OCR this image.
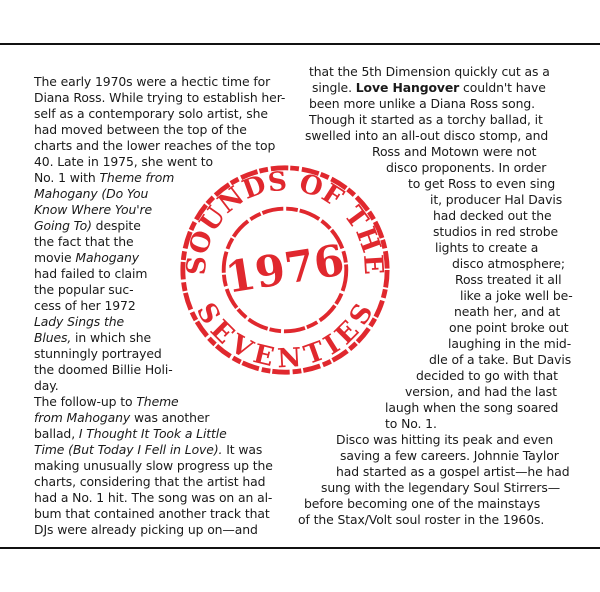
The early 1970s were a hectic time for
Diana Ross. While trying to establish her-
self as a contemporary solo artist, she
had moved between the top of the
charts and the lower reaches of the top
40. Late in 1975, she went to
No. 1 with Theme from
Mahogany (Do You
Know Where You're
Going To) despite
the fact that the
movie Mahogany
had failed to claim
the popular suc-
cess of her 1972
Lady Sings the
Blues, in which she
stunningly portrayed
the doomed Billie Holi-
day.
The follow-up to Theme
from Mahogany was another
ballad, I Thought It Took a Little
Time (But Today I Fell in Love). It was
making unusually slow progress up the
charts, considering that the artist had
had a No. 1 hit. The song was on an al-
bum that contained another track that
DJs were already picking up on—and
that the 5th Dimension quickly cut as a
single. Love Hangover couldn't have
been more unlike a Diana Ross song.
Though it started as a torchy ballad, it
swelled into an all-out disco stomp, and
Ross and Motown were not
disco proponents. In order
to get Ross to even sing
it, producer Hal Davis
had decked out the
studios in red strobe
lights to create a
disco atmosphere;
Ross treated it all
like a joke well be-
neath her, and at
one point broke out
laughing in the mid-
dle of a take. But Davis
decided to go with that
version, and had the last
laugh when the song soared
to No. 1.
Disco was hitting its peak and even
saving a few careers. Johnnie Taylor
had started as a gospel artist—he had
sung with the legendary Soul Stirrers—
before becoming one of the mainstays
of the Stax/Volt soul roster in the 1960s.
SOUNDS OF THE
SEVENTIES
1976
